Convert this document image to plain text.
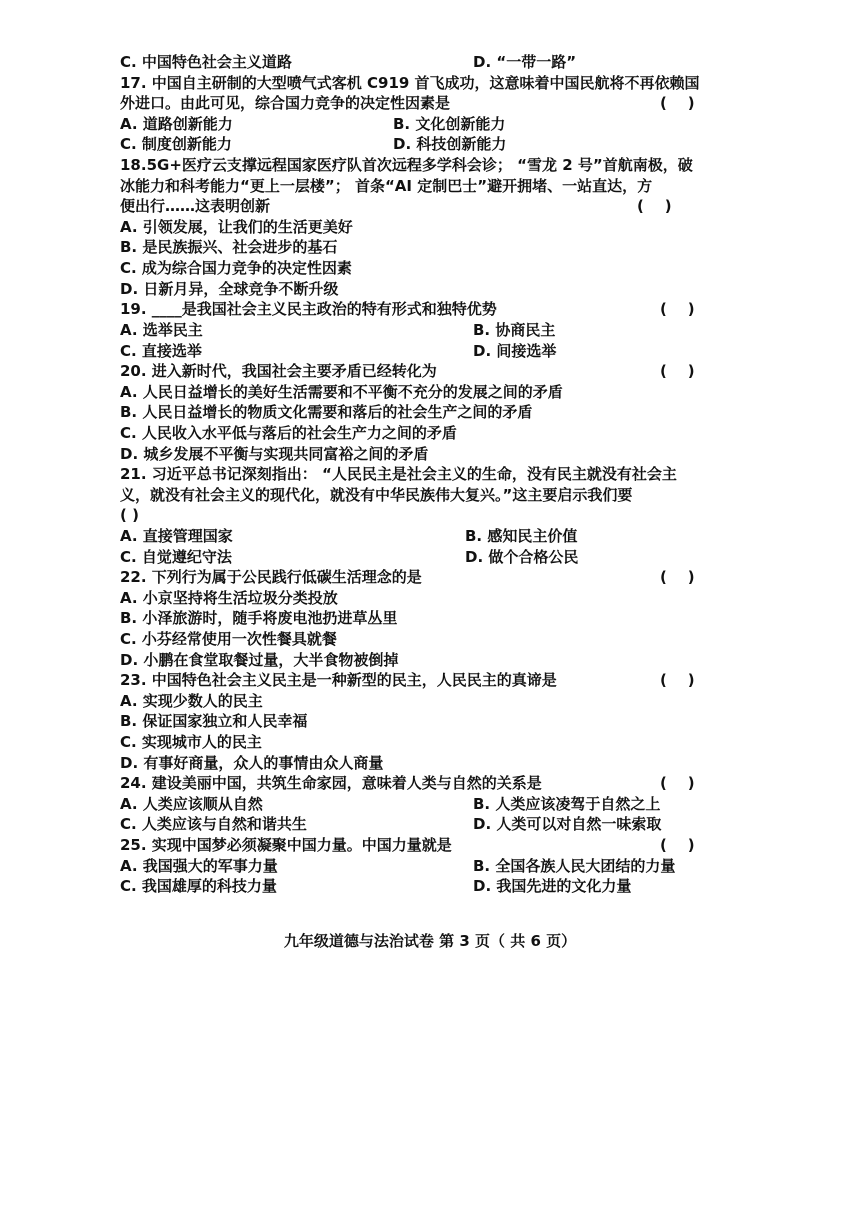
C. 中国特色社会主义道路	D. “一带一路”
17. 中国自主研制的大型喷气式客机 C919 首飞成功，这意味着中国民航将不再依赖国
外进口。由此可见，综合国力竞争的决定性因素是	(    )
A. 道路创新能力	B. 文化创新能力
C. 制度创新能力	D. 科技创新能力
18.5G+医疗云支撑远程国家医疗队首次远程多学科会诊； “雪龙 2 号”首航南极，破
冰能力和科考能力“更上一层楼”； 首条“AI 定制巴士”避开拥堵、一站直达，方
便出行……这表明创新	(    )
A. 引领发展，让我们的生活更美好
B. 是民族振兴、社会进步的基石
C. 成为综合国力竞争的决定性因素
D. 日新月异，全球竞争不断升级
19. ____是我国社会主义民主政治的特有形式和独特优势	(    )
A. 选举民主	B. 协商民主
C. 直接选举	D. 间接选举
20. 进入新时代，我国社会主要矛盾已经转化为	(    )
A. 人民日益增长的美好生活需要和不平衡不充分的发展之间的矛盾
B. 人民日益增长的物质文化需要和落后的社会生产之间的矛盾
C. 人民收入水平低与落后的社会生产力之间的矛盾
D. 城乡发展不平衡与实现共同富裕之间的矛盾
21. 习近平总书记深刻指出： “人民民主是社会主义的生命，没有民主就没有社会主
义，就没有社会主义的现代化，就没有中华民族伟大复兴。”这主要启示我们要
( )
A. 直接管理国家	B. 感知民主价值
C. 自觉遵纪守法	D. 做个合格公民
22. 下列行为属于公民践行低碳生活理念的是	(    )
A. 小京坚持将生活垃圾分类投放
B. 小泽旅游时，随手将废电池扔进草丛里
C. 小芬经常使用一次性餐具就餐
D. 小鹏在食堂取餐过量，大半食物被倒掉
23. 中国特色社会主义民主是一种新型的民主，人民民主的真谛是	(    )
A. 实现少数人的民主
B. 保证国家独立和人民幸福
C. 实现城市人的民主
D. 有事好商量，众人的事情由众人商量
24. 建设美丽中国，共筑生命家园，意味着人类与自然的关系是	(    )
A. 人类应该顺从自然	B. 人类应该凌驾于自然之上
C. 人类应该与自然和谐共生	D. 人类可以对自然一味索取
25. 实现中国梦必须凝聚中国力量。中国力量就是	(    )
A. 我国强大的军事力量	B. 全国各族人民大团结的力量
C. 我国雄厚的科技力量	D. 我国先进的文化力量
九年级道德与法治试卷 第 3 页（ 共 6 页）
